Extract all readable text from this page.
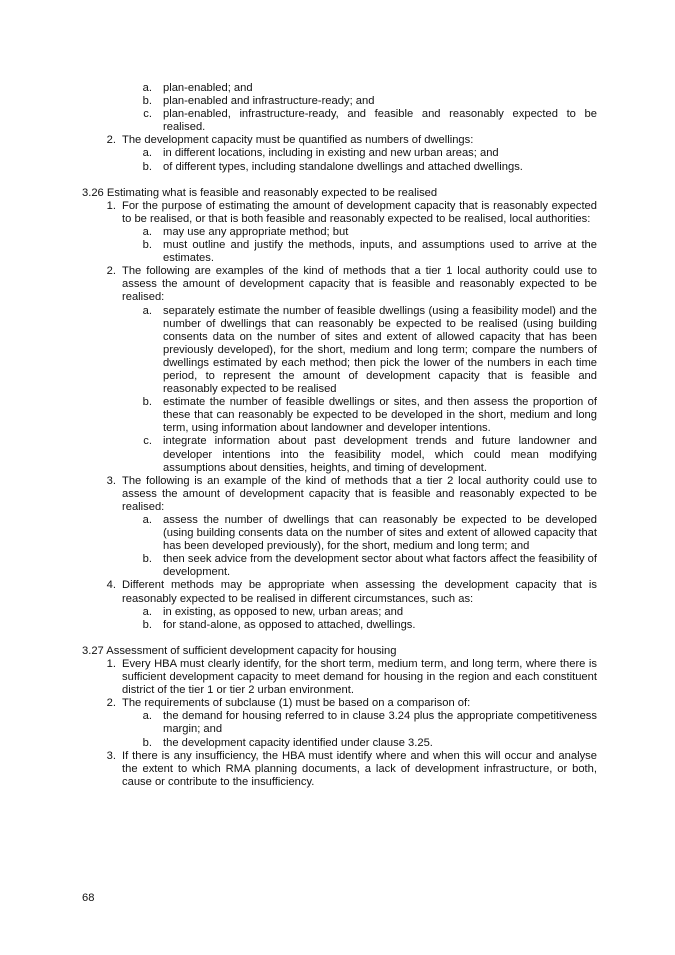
a. plan-enabled; and
b. plan-enabled and infrastructure-ready; and
c. plan-enabled, infrastructure-ready, and feasible and reasonably expected to be realised.
2. The development capacity must be quantified as numbers of dwellings:
a. in different locations, including in existing and new urban areas; and
b. of different types, including standalone dwellings and attached dwellings.
3.26 Estimating what is feasible and reasonably expected to be realised
1. For the purpose of estimating the amount of development capacity that is reasonably expected to be realised, or that is both feasible and reasonably expected to be realised, local authorities:
a. may use any appropriate method; but
b. must outline and justify the methods, inputs, and assumptions used to arrive at the estimates.
2. The following are examples of the kind of methods that a tier 1 local authority could use to assess the amount of development capacity that is feasible and reasonably expected to be realised:
a. separately estimate the number of feasible dwellings (using a feasibility model) and the number of dwellings that can reasonably be expected to be realised (using building consents data on the number of sites and extent of allowed capacity that has been previously developed), for the short, medium and long term; compare the numbers of dwellings estimated by each method; then pick the lower of the numbers in each time period, to represent the amount of development capacity that is feasible and reasonably expected to be realised
b. estimate the number of feasible dwellings or sites, and then assess the proportion of these that can reasonably be expected to be developed in the short, medium and long term, using information about landowner and developer intentions.
c. integrate information about past development trends and future landowner and developer intentions into the feasibility model, which could mean modifying assumptions about densities, heights, and timing of development.
3. The following is an example of the kind of methods that a tier 2 local authority could use to assess the amount of development capacity that is feasible and reasonably expected to be realised:
a. assess the number of dwellings that can reasonably be expected to be developed (using building consents data on the number of sites and extent of allowed capacity that has been developed previously), for the short, medium and long term; and
b. then seek advice from the development sector about what factors affect the feasibility of development.
4. Different methods may be appropriate when assessing the development capacity that is reasonably expected to be realised in different circumstances, such as:
a. in existing, as opposed to new, urban areas; and
b. for stand-alone, as opposed to attached, dwellings.
3.27 Assessment of sufficient development capacity for housing
1. Every HBA must clearly identify, for the short term, medium term, and long term, where there is sufficient development capacity to meet demand for housing in the region and each constituent district of the tier 1 or tier 2 urban environment.
2. The requirements of subclause (1) must be based on a comparison of:
a. the demand for housing referred to in clause 3.24 plus the appropriate competitiveness margin; and
b. the development capacity identified under clause 3.25.
3. If there is any insufficiency, the HBA must identify where and when this will occur and analyse the extent to which RMA planning documents, a lack of development infrastructure, or both, cause or contribute to the insufficiency.
68
